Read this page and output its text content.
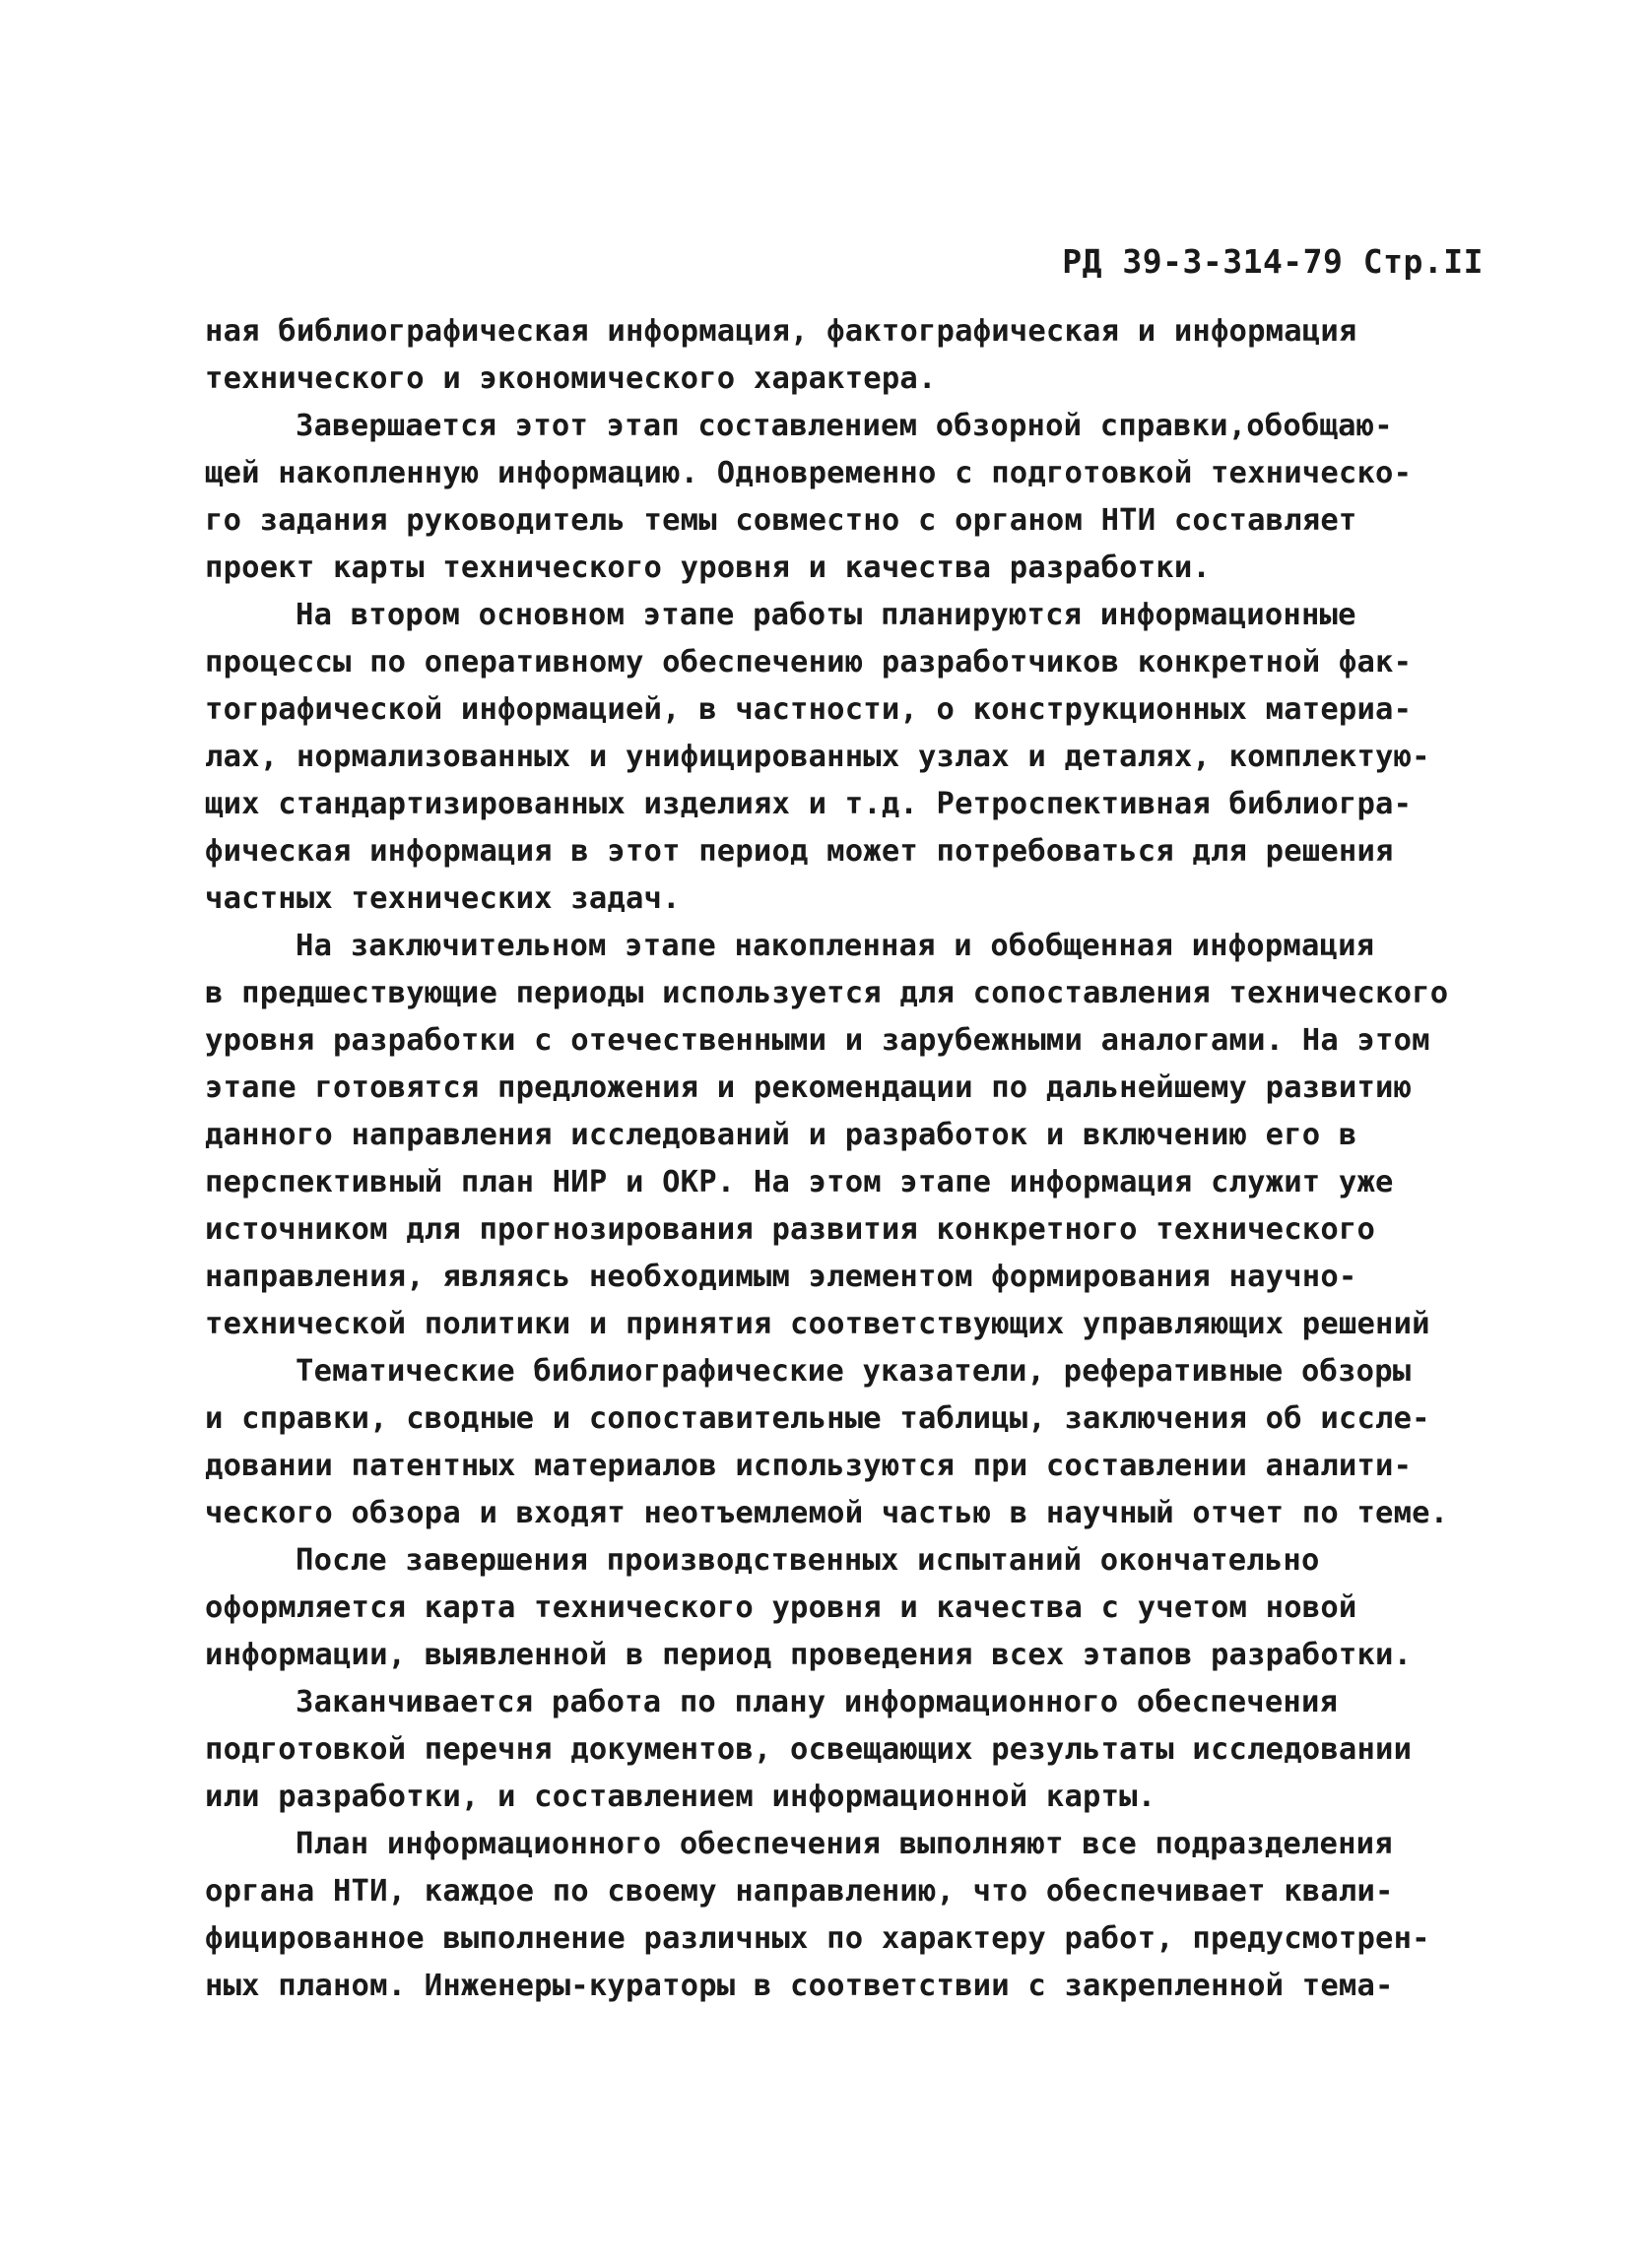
РД 39-3-314-79 Стр.II
ная библиографическая информация, фактографическая и информация
технического и экономического характера.
Завершается этот этап составлением обзорной справки,обобщаю-
щей накопленную информацию. Одновременно с подготовкой техническо-
го задания руководитель темы совместно с органом НТИ составляет
проект карты технического уровня и качества разработки.
На втором основном этапе работы планируются информационные
процессы по оперативному обеспечению разработчиков конкретной фак-
тографической информацией, в частности, о конструкционных материа-
лах, нормализованных и унифицированных узлах и деталях, комплектую-
щих стандартизированных изделиях и т.д. Ретроспективная библиогра-
фическая информация в этот период может потребоваться для решения
частных технических задач.
На заключительном этапе накопленная и обобщенная информация
в предшествующие периоды используется для сопоставления технического
уровня разработки с отечественными и зарубежными аналогами. На этом
этапе готовятся предложения и рекомендации по дальнейшему развитию
данного направления исследований и разработок и включению его в
перспективный план НИР и ОКР. На этом этапе информация служит уже
источником для прогнозирования развития конкретного технического
направления, являясь необходимым элементом формирования научно-
технической политики и принятия соответствующих управляющих решений
Тематические библиографические указатели, реферативные обзоры
и справки, сводные и сопоставительные таблицы, заключения об иссле-
довании патентных материалов используются при составлении аналити-
ческого обзора и входят неотъемлемой частью в научный отчет по теме.
После завершения производственных испытаний окончательно
оформляется карта технического уровня и качества с учетом новой
информации, выявленной в период проведения всех этапов разработки.
Заканчивается работа по плану информационного обеспечения
подготовкой перечня документов, освещающих результаты исследовании
или разработки, и составлением информационной карты.
План информационного обеспечения выполняют все подразделения
органа НТИ, каждое по своему направлению, что обеспечивает квали-
фицированное выполнение различных по характеру работ, предусмотрен-
ных планом. Инженеры-кураторы в соответствии с закрепленной тема-
